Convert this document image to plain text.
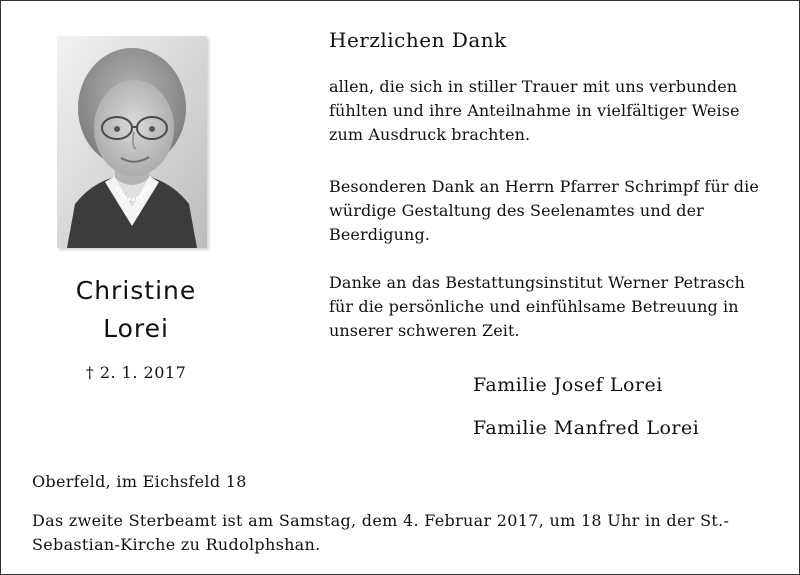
Christine
Lorei
† 2. 1. 2017
Herzlichen Dank
allen, die sich in stiller Trauer mit uns verbunden fühlten und ihre Anteilnahme in vielfältiger Weise zum Ausdruck brachten.
Besonderen Dank an Herrn Pfarrer Schrimpf für die würdige Gestaltung des Seelenamtes und der Beerdigung.
Danke an das Bestattungsinstitut Werner Petrasch für die persönliche und einfühlsame Betreuung in unserer schweren Zeit.
Familie Josef Lorei
Familie Manfred Lorei
Oberfeld, im Eichsfeld 18
Das zweite Sterbeamt ist am Samstag, dem 4. Februar 2017, um 18 Uhr in der St.-Sebastian-Kirche zu Rudolphshan.
